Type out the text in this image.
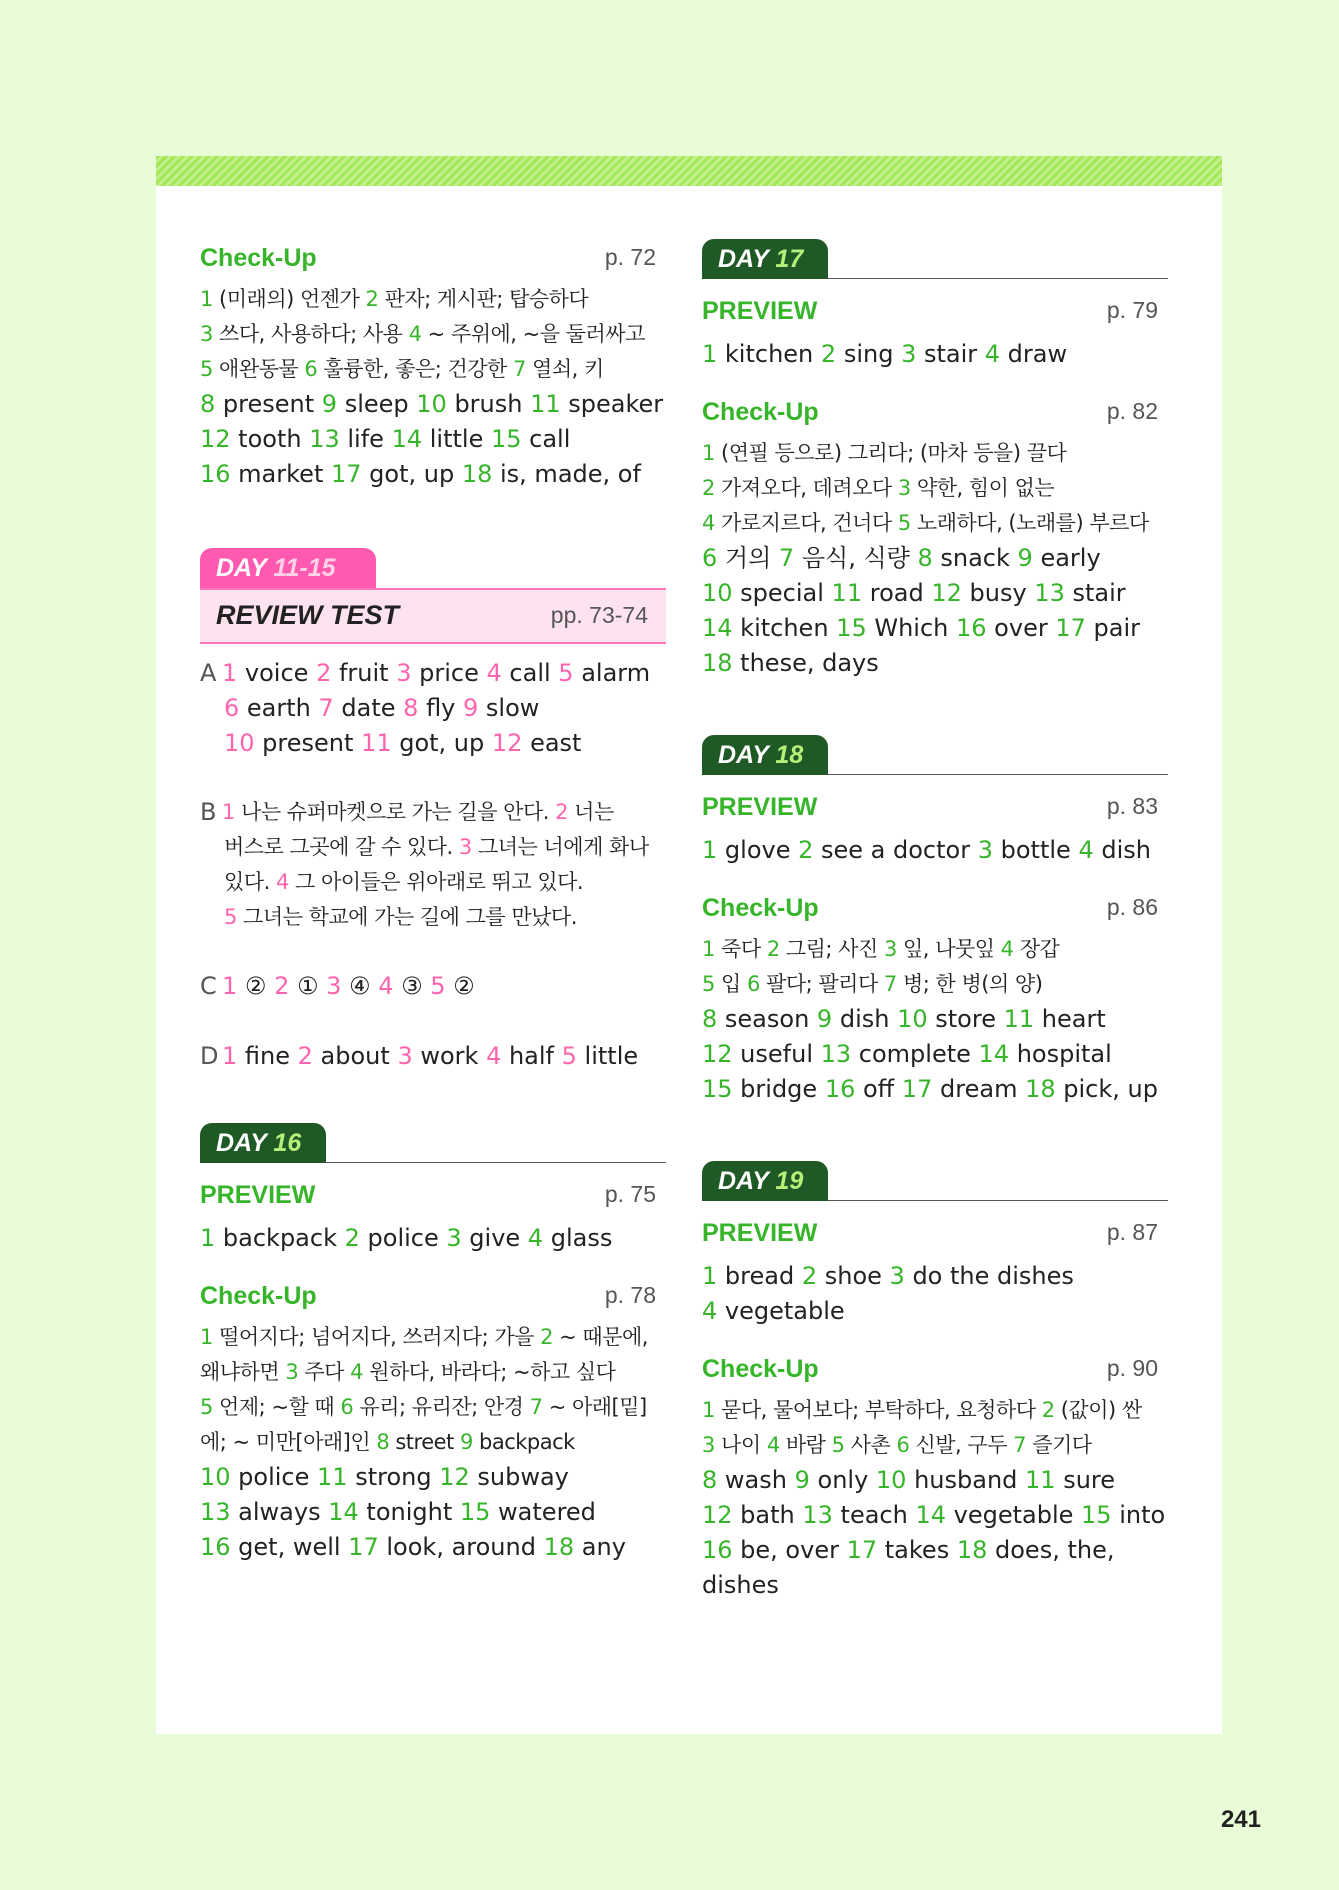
Check-Up	p. 72
1 (미래의) 언젠가 2 판자; 게시판; 탑승하다
3 쓰다, 사용하다; 사용 4 ~ 주위에, ~을 둘러싸고
5 애완동물 6 훌륭한, 좋은; 건강한 7 열쇠, 키
8 present 9 sleep 10 brush 11 speaker
12 tooth 13 life 14 little 15 call
16 market 17 got, up 18 is, made, of
DAY 11-15
REVIEW TEST	pp. 73-74
A 1 voice 2 fruit 3 price 4 call 5 alarm
6 earth 7 date 8 fly 9 slow
10 present 11 got, up 12 east
B 1 나는 슈퍼마켓으로 가는 길을 안다. 2 너는
버스로 그곳에 갈 수 있다. 3 그녀는 너에게 화나
있다. 4 그 아이들은 위아래로 뛰고 있다.
5 그녀는 학교에 가는 길에 그를 만났다.
C 1 ② 2 ① 3 ④ 4 ③ 5 ②
D 1 fine 2 about 3 work 4 half 5 little
DAY 16
PREVIEW	p. 75
1 backpack 2 police 3 give 4 glass
Check-Up	p. 78
1 떨어지다; 넘어지다, 쓰러지다; 가을 2 ~ 때문에,
왜냐하면 3 주다 4 원하다, 바라다; ~하고 싶다
5 언제; ~할 때 6 유리; 유리잔; 안경 7 ~ 아래[밑]
에; ~ 미만[아래]인 8 street 9 backpack
10 police 11 strong 12 subway
13 always 14 tonight 15 watered
16 get, well 17 look, around 18 any
DAY 17
PREVIEW	p. 79
1 kitchen 2 sing 3 stair 4 draw
Check-Up	p. 82
1 (연필 등으로) 그리다; (마차 등을) 끌다
2 가져오다, 데려오다 3 약한, 힘이 없는
4 가로지르다, 건너다 5 노래하다, (노래를) 부르다
6 거의 7 음식, 식량 8 snack 9 early
10 special 11 road 12 busy 13 stair
14 kitchen 15 Which 16 over 17 pair
18 these, days
DAY 18
PREVIEW	p. 83
1 glove 2 see a doctor 3 bottle 4 dish
Check-Up	p. 86
1 죽다 2 그림; 사진 3 잎, 나뭇잎 4 장갑
5 입 6 팔다; 팔리다 7 병; 한 병(의 양)
8 season 9 dish 10 store 11 heart
12 useful 13 complete 14 hospital
15 bridge 16 off 17 dream 18 pick, up
DAY 19
PREVIEW	p. 87
1 bread 2 shoe 3 do the dishes
4 vegetable
Check-Up	p. 90
1 묻다, 물어보다; 부탁하다, 요청하다 2 (값이) 싼
3 나이 4 바람 5 사촌 6 신발, 구두 7 즐기다
8 wash 9 only 10 husband 11 sure
12 bath 13 teach 14 vegetable 15 into
16 be, over 17 takes 18 does, the,
dishes
241
